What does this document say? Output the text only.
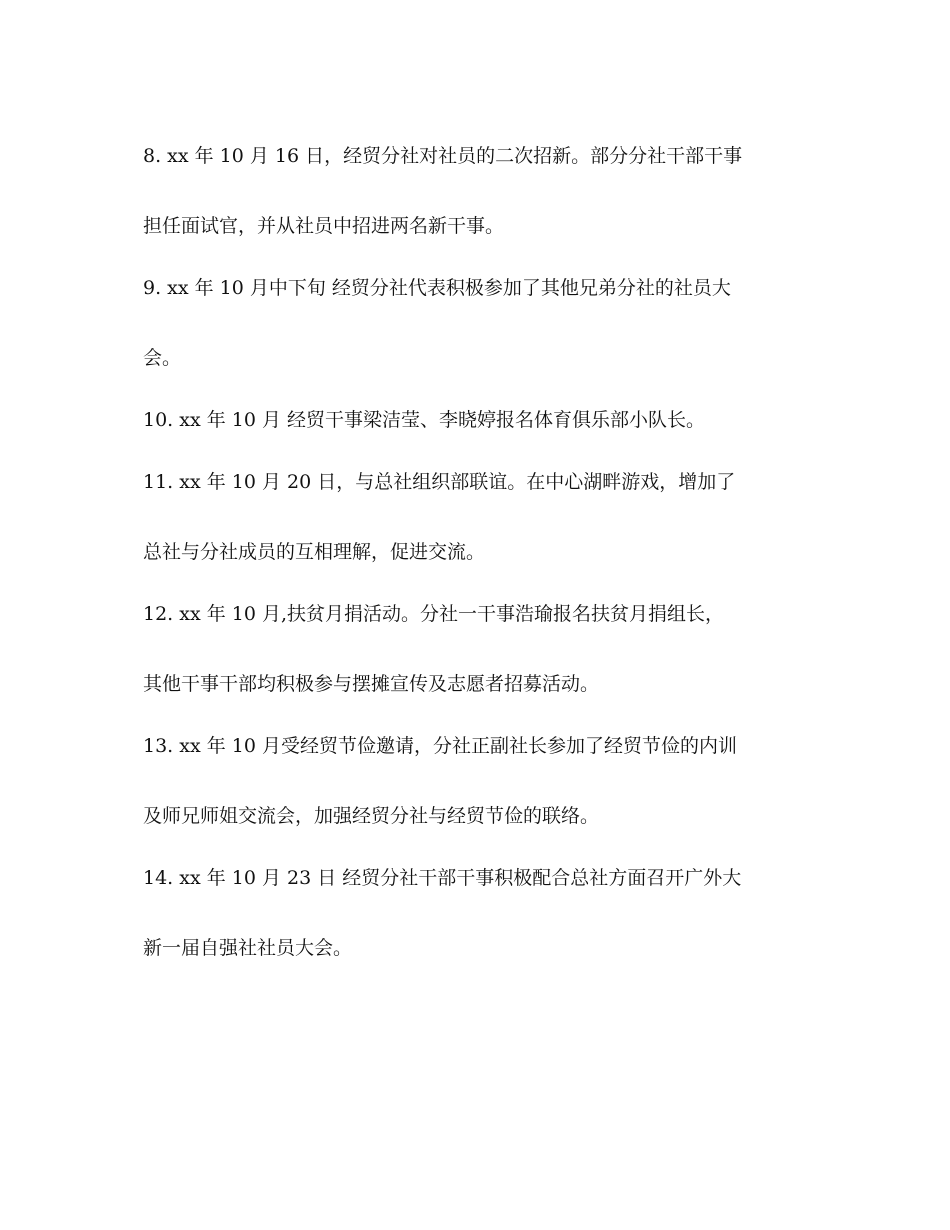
8. xx 年 10 月 16 日，经贸分社对社员的二次招新。部分分社干部干事
担任面试官，并从社员中招进两名新干事。
9. xx 年 10 月中下旬 经贸分社代表积极参加了其他兄弟分社的社员大
会。
10. xx 年 10 月 经贸干事梁洁莹、李晓婷报名体育俱乐部小队长。
11. xx 年 10 月 20 日，与总社组织部联谊。在中心湖畔游戏，增加了
总社与分社成员的互相理解，促进交流。
12. xx 年 10 月,扶贫月捐活动。分社一干事浩瑜报名扶贫月捐组长，
其他干事干部均积极参与摆摊宣传及志愿者招募活动。
13. xx 年 10 月受经贸节俭邀请，分社正副社长参加了经贸节俭的内训
及师兄师姐交流会，加强经贸分社与经贸节俭的联络。
14. xx 年 10 月 23 日 经贸分社干部干事积极配合总社方面召开广外大
新一届自强社社员大会。
